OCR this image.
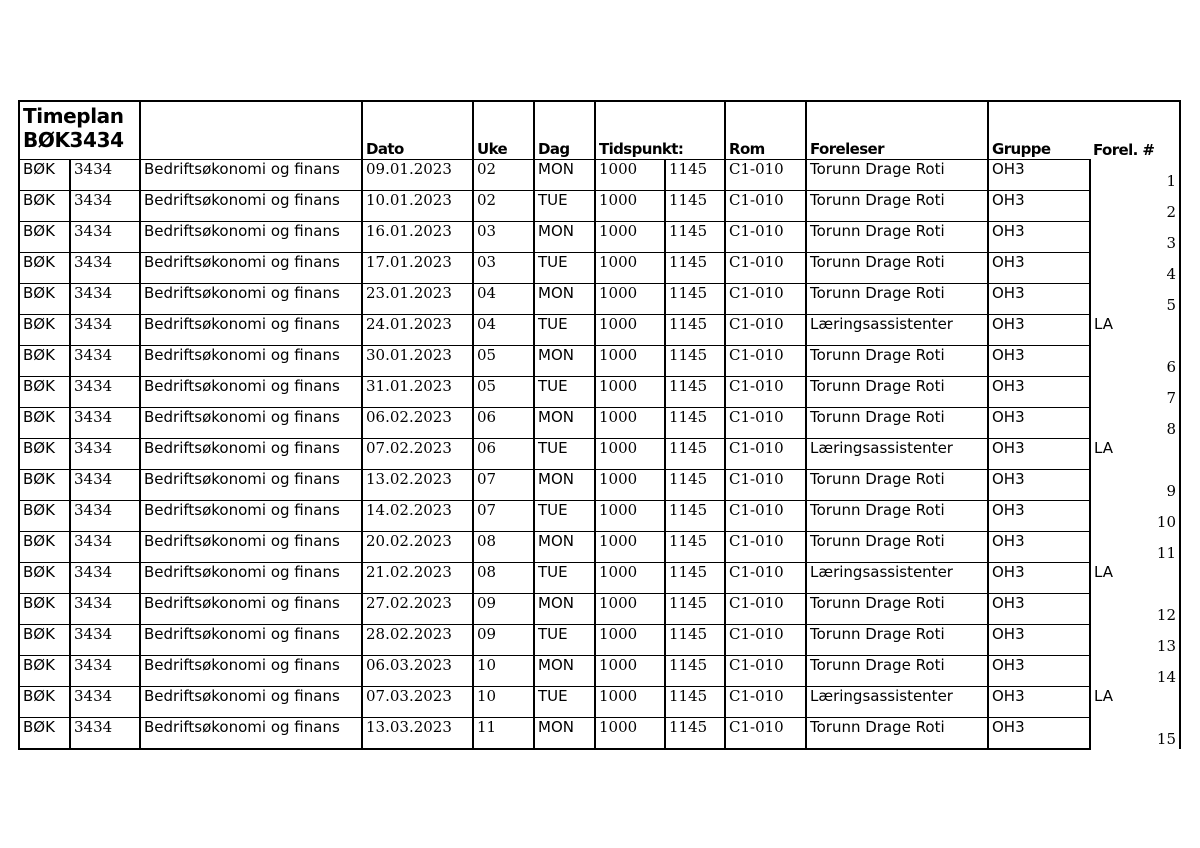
Timeplan
BØK3434			Dato	Uke	Dag	Tidspunkt:		Rom	Foreleser	Gruppe	Forel. #
BØK	3434	Bedriftsøkonomi og finans	09.01.2023	02	MON	1000	1145	C1-010	Torunn Drage Roti	OH3	1
BØK	3434	Bedriftsøkonomi og finans	10.01.2023	02	TUE	1000	1145	C1-010	Torunn Drage Roti	OH3	2
BØK	3434	Bedriftsøkonomi og finans	16.01.2023	03	MON	1000	1145	C1-010	Torunn Drage Roti	OH3	3
BØK	3434	Bedriftsøkonomi og finans	17.01.2023	03	TUE	1000	1145	C1-010	Torunn Drage Roti	OH3	4
BØK	3434	Bedriftsøkonomi og finans	23.01.2023	04	MON	1000	1145	C1-010	Torunn Drage Roti	OH3	5
BØK	3434	Bedriftsøkonomi og finans	24.01.2023	04	TUE	1000	1145	C1-010	Læringsassistenter	OH3	LA
BØK	3434	Bedriftsøkonomi og finans	30.01.2023	05	MON	1000	1145	C1-010	Torunn Drage Roti	OH3	6
BØK	3434	Bedriftsøkonomi og finans	31.01.2023	05	TUE	1000	1145	C1-010	Torunn Drage Roti	OH3	7
BØK	3434	Bedriftsøkonomi og finans	06.02.2023	06	MON	1000	1145	C1-010	Torunn Drage Roti	OH3	8
BØK	3434	Bedriftsøkonomi og finans	07.02.2023	06	TUE	1000	1145	C1-010	Læringsassistenter	OH3	LA
BØK	3434	Bedriftsøkonomi og finans	13.02.2023	07	MON	1000	1145	C1-010	Torunn Drage Roti	OH3	9
BØK	3434	Bedriftsøkonomi og finans	14.02.2023	07	TUE	1000	1145	C1-010	Torunn Drage Roti	OH3	10
BØK	3434	Bedriftsøkonomi og finans	20.02.2023	08	MON	1000	1145	C1-010	Torunn Drage Roti	OH3	11
BØK	3434	Bedriftsøkonomi og finans	21.02.2023	08	TUE	1000	1145	C1-010	Læringsassistenter	OH3	LA
BØK	3434	Bedriftsøkonomi og finans	27.02.2023	09	MON	1000	1145	C1-010	Torunn Drage Roti	OH3	12
BØK	3434	Bedriftsøkonomi og finans	28.02.2023	09	TUE	1000	1145	C1-010	Torunn Drage Roti	OH3	13
BØK	3434	Bedriftsøkonomi og finans	06.03.2023	10	MON	1000	1145	C1-010	Torunn Drage Roti	OH3	14
BØK	3434	Bedriftsøkonomi og finans	07.03.2023	10	TUE	1000	1145	C1-010	Læringsassistenter	OH3	LA
BØK	3434	Bedriftsøkonomi og finans	13.03.2023	11	MON	1000	1145	C1-010	Torunn Drage Roti	OH3	15
